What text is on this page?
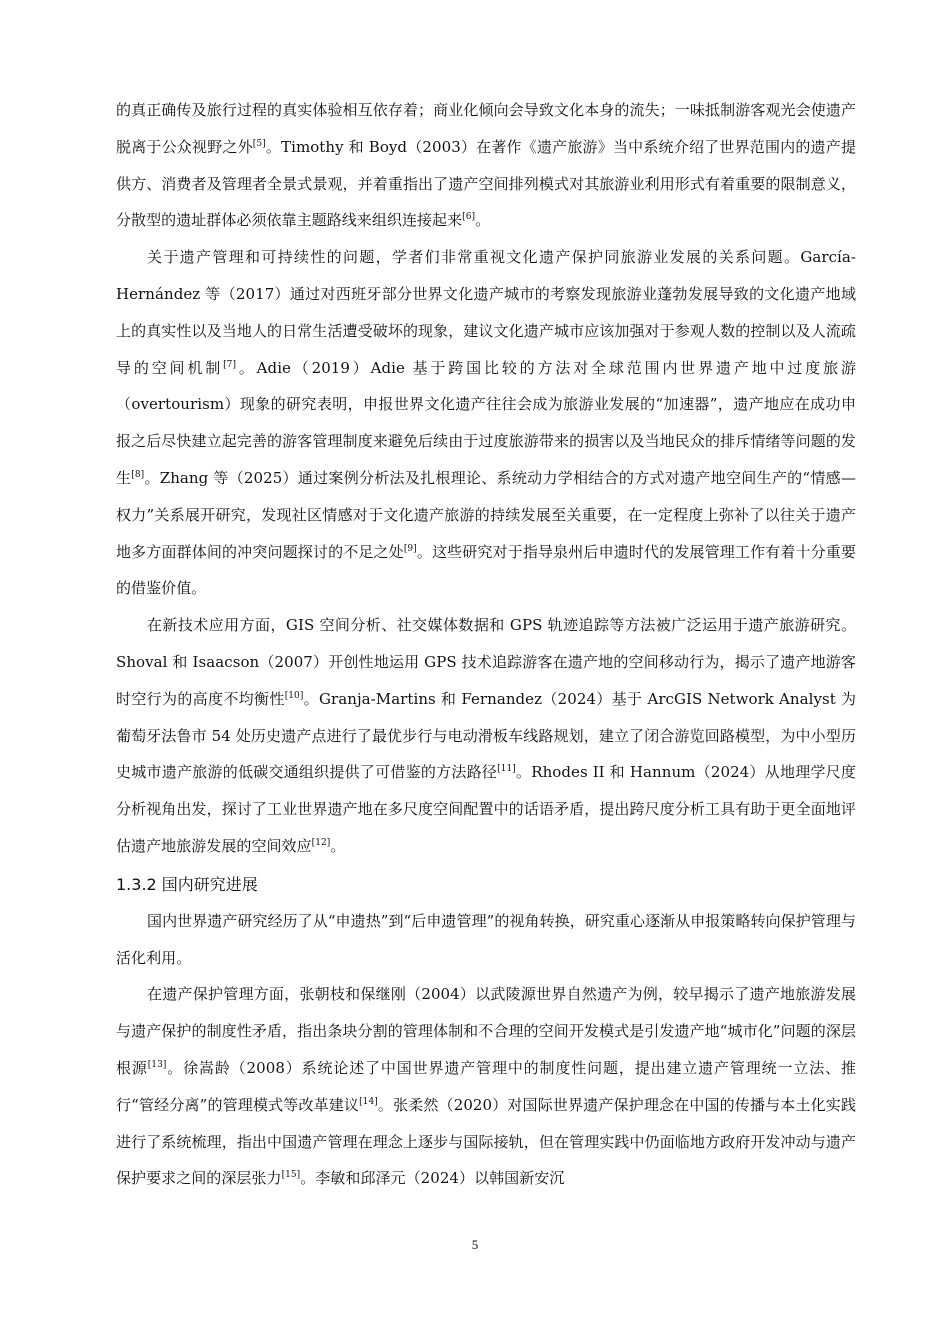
的真正确传及旅行过程的真实体验相互依存着；商业化倾向会导致文化本身的流失；一味抵制游客观光会使遗产脱离于公众视野之外[5]。Timothy 和 Boyd（2003）在著作《遗产旅游》当中系统介绍了世界范围内的遗产提供方、消费者及管理者全景式景观，并着重指出了遗产空间排列模式对其旅游业利用形式有着重要的限制意义，分散型的遗址群体必须依靠主题路线来组织连接起来[6]。

关于遗产管理和可持续性的问题，学者们非常重视文化遗产保护同旅游业发展的关系问题。García-Hernández 等（2017）通过对西班牙部分世界文化遗产城市的考察发现旅游业蓬勃发展导致的文化遗产地域上的真实性以及当地人的日常生活遭受破坏的现象，建议文化遗产城市应该加强对于参观人数的控制以及人流疏导的空间机制[7]。Adie（2019）Adie 基于跨国比较的方法对全球范围内世界遗产地中过度旅游（overtourism）现象的研究表明，申报世界文化遗产往往会成为旅游业发展的“加速器”，遗产地应在成功申报之后尽快建立起完善的游客管理制度来避免后续由于过度旅游带来的损害以及当地民众的排斥情绪等问题的发生[8]。Zhang 等（2025）通过案例分析法及扎根理论、系统动力学相结合的方式对遗产地空间生产的“情感—权力”关系展开研究，发现社区情感对于文化遗产旅游的持续发展至关重要，在一定程度上弥补了以往关于遗产地多方面群体间的冲突问题探讨的不足之处[9]。这些研究对于指导泉州后申遗时代的发展管理工作有着十分重要的借鉴价值。

在新技术应用方面，GIS 空间分析、社交媒体数据和 GPS 轨迹追踪等方法被广泛运用于遗产旅游研究。Shoval 和 Isaacson（2007）开创性地运用 GPS 技术追踪游客在遗产地的空间移动行为，揭示了遗产地游客时空行为的高度不均衡性[10]。Granja-Martins 和 Fernandez（2024）基于 ArcGIS Network Analyst 为葡萄牙法鲁市 54 处历史遗产点进行了最优步行与电动滑板车线路规划，建立了闭合游览回路模型，为中小型历史城市遗产旅游的低碳交通组织提供了可借鉴的方法路径[11]。Rhodes II 和 Hannum（2024）从地理学尺度分析视角出发，探讨了工业世界遗产地在多尺度空间配置中的话语矛盾，提出跨尺度分析工具有助于更全面地评估遗产地旅游发展的空间效应[12]。

1.3.2 国内研究进展

国内世界遗产研究经历了从“申遗热”到“后申遗管理”的视角转换，研究重心逐渐从申报策略转向保护管理与活化利用。

在遗产保护管理方面，张朝枝和保继刚（2004）以武陵源世界自然遗产为例，较早揭示了遗产地旅游发展与遗产保护的制度性矛盾，指出条块分割的管理体制和不合理的空间开发模式是引发遗产地“城市化”问题的深层根源[13]。徐嵩龄（2008）系统论述了中国世界遗产管理中的制度性问题，提出建立遗产管理统一立法、推行“管经分离”的管理模式等改革建议[14]。张柔然（2020）对国际世界遗产保护理念在中国的传播与本土化实践进行了系统梳理，指出中国遗产管理在理念上逐步与国际接轨，但在管理实践中仍面临地方政府开发冲动与遗产保护要求之间的深层张力[15]。李敏和邱泽元（2024）以韩国新安沉

5
